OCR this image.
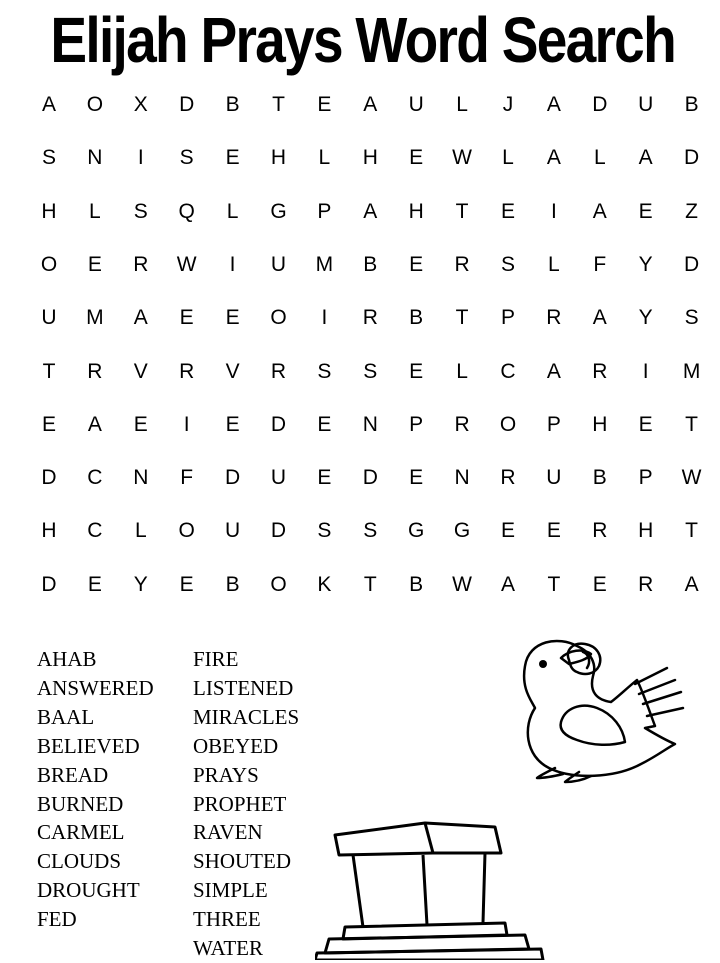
Elijah Prays Word Search
A	O	X	D	B	T	E	A	U	L	J	A	D	U	B
S	N	I	S	E	H	L	H	E	W	L	A	L	A	D
H	L	S	Q	L	G	P	A	H	T	E	I	A	E	Z
O	E	R	W	I	U	M	B	E	R	S	L	F	Y	D
U	M	A	E	E	O	I	R	B	T	P	R	A	Y	S
T	R	V	R	V	R	S	S	E	L	C	A	R	I	M
E	A	E	I	E	D	E	N	P	R	O	P	H	E	T
D	C	N	F	D	U	E	D	E	N	R	U	B	P	W
H	C	L	O	U	D	S	S	G	G	E	E	R	H	T
D	E	Y	E	B	O	K	T	B	W	A	T	E	R	A
AHAB
ANSWERED
BAAL
BELIEVED
BREAD
BURNED
CARMEL
CLOUDS
DROUGHT
FED
FIRE
LISTENED
MIRACLES
OBEYED
PRAYS
PROPHET
RAVEN
SHOUTED
SIMPLE
THREE
WATER
